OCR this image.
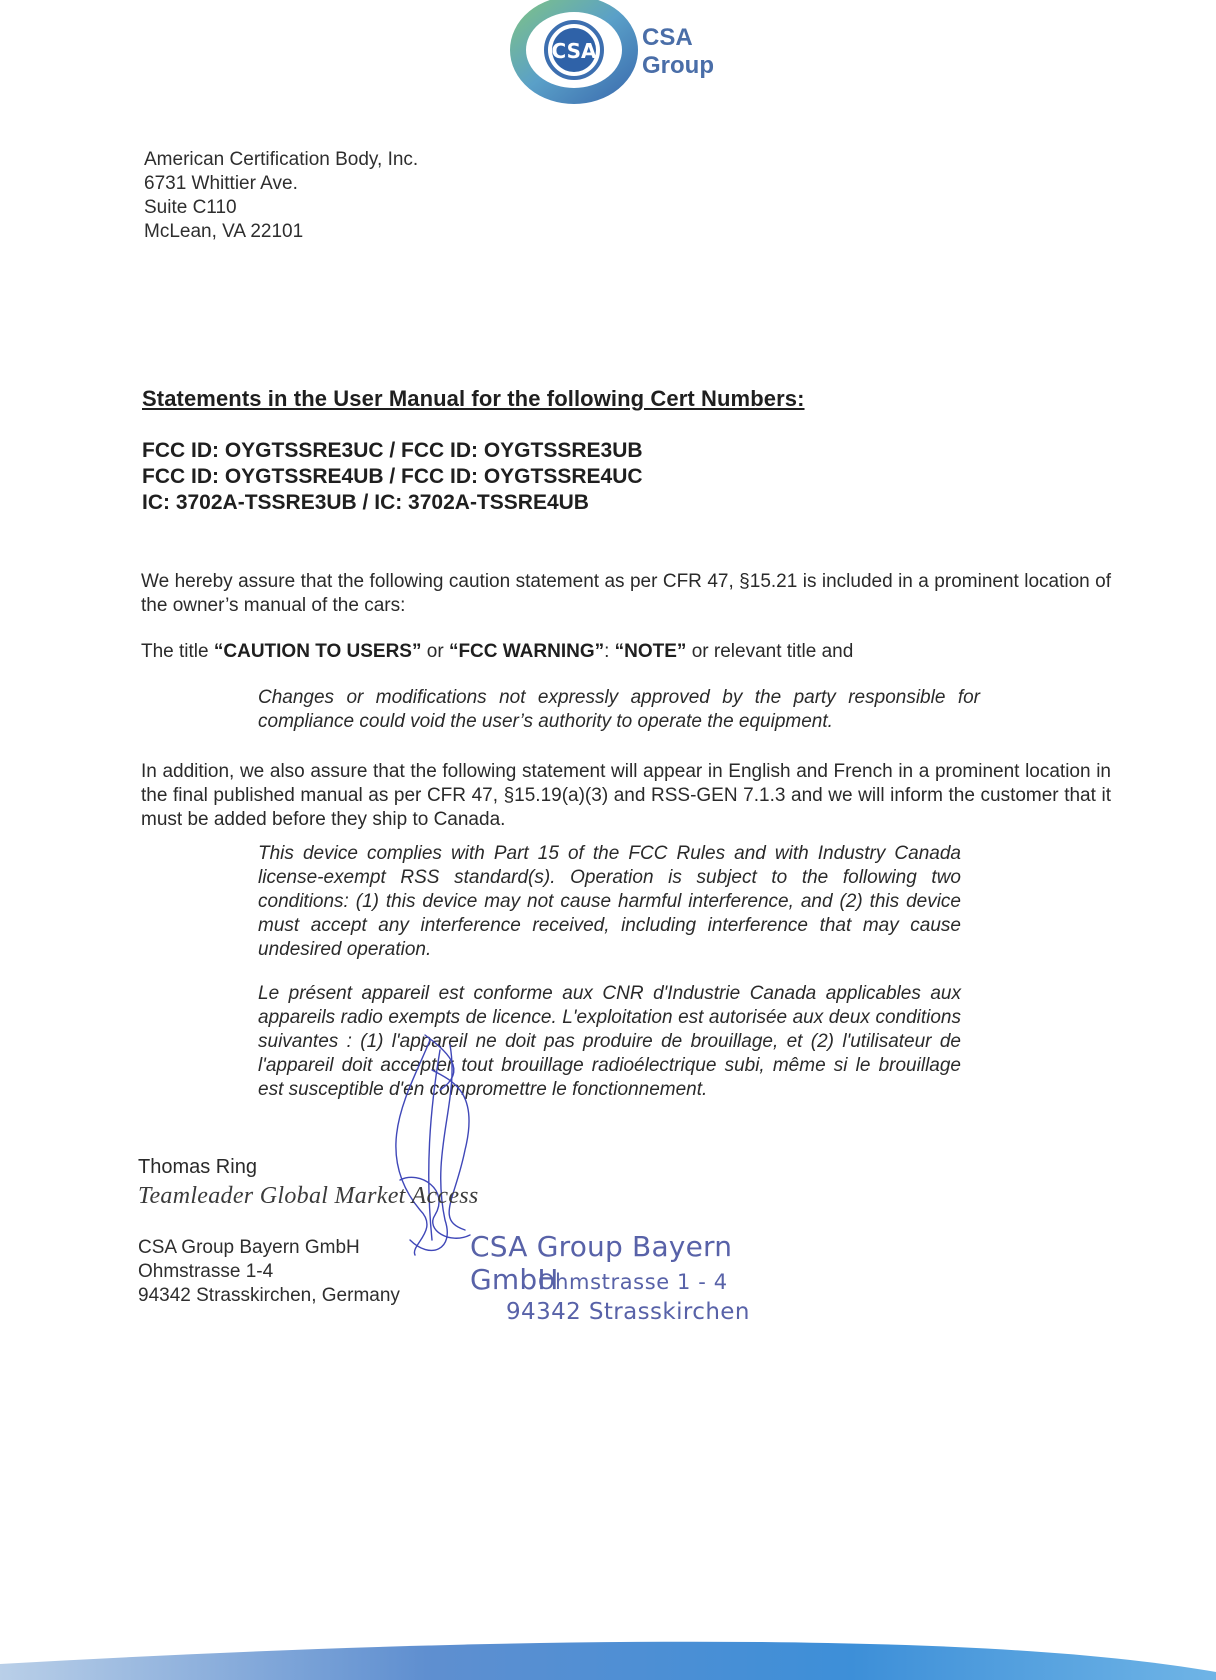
CSA CSA
Group
American Certification Body, Inc.
6731 Whittier Ave.
Suite C110
McLean, VA 22101
Statements in the User Manual for the following Cert Numbers:
FCC ID: OYGTSSRE3UC / FCC ID: OYGTSSRE3UB
FCC ID: OYGTSSRE4UB / FCC ID: OYGTSSRE4UC
IC: 3702A-TSSRE3UB / IC: 3702A-TSSRE4UB
We hereby assure that the following caution statement as per CFR 47, §15.21 is included in a prominent location of the owner’s manual of the cars:
The title “CAUTION TO USERS” or “FCC WARNING”: “NOTE” or relevant title and
Changes or modifications not expressly approved by the party responsible for compliance could void the user’s authority to operate the equipment.
In addition, we also assure that the following statement will appear in English and French in a prominent location in the final published manual as per CFR 47, §15.19(a)(3) and RSS-GEN 7.1.3 and we will inform the customer that it must be added before they ship to Canada.
This device complies with Part 15 of the FCC Rules and with Industry Canada license-exempt RSS standard(s). Operation is subject to the following two conditions: (1) this device may not cause harmful interference, and (2) this device must accept any interference received, including interference that may cause undesired operation.
Le présent appareil est conforme aux CNR d'Industrie Canada applicables aux appareils radio exempts de licence. L'exploitation est autorisée aux deux conditions suivantes : (1) l'appareil ne doit pas produire de brouillage, et (2) l'utilisateur de l'appareil doit accepter tout brouillage radioélectrique subi, même si le brouillage est susceptible d'en compromettre le fonctionnement.
Thomas Ring
Teamleader Global Market Access
CSA Group Bayern GmbH
Ohmstrasse 1-4
94342 Strasskirchen, Germany
CSA Group Bayern GmbH
Ohmstrasse 1 - 4
94342 Strasskirchen
